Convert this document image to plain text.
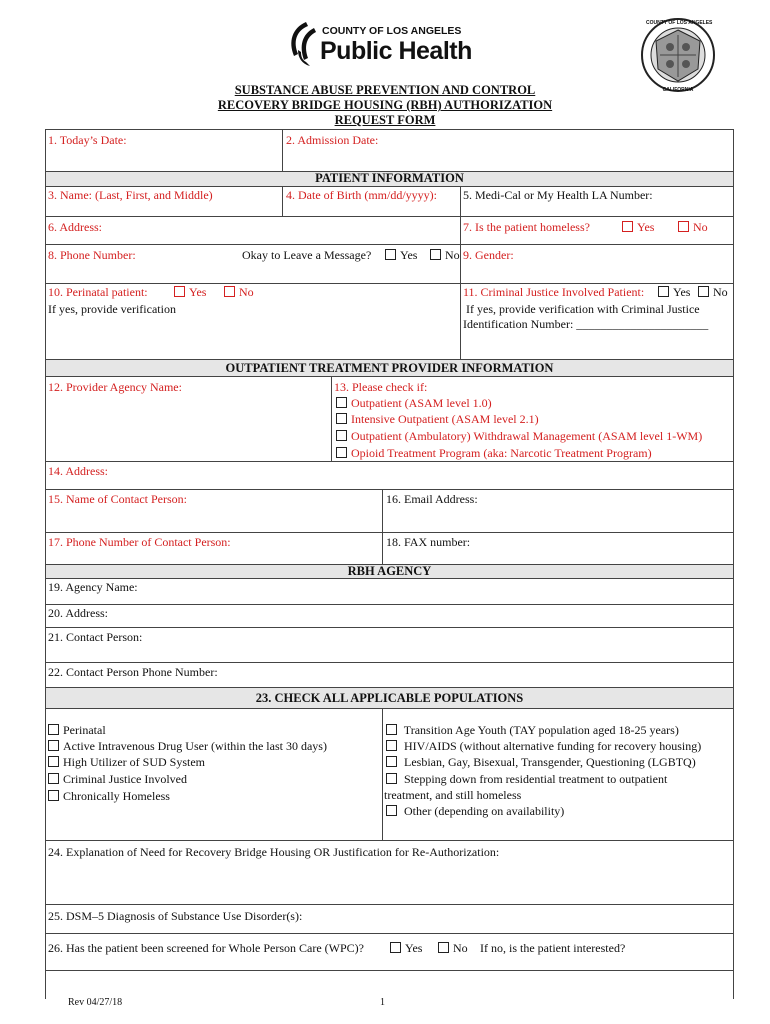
COUNTY OF LOS ANGELES
Public Health
COUNTY OF LOS ANGELES
CALIFORNIA
SUBSTANCE ABUSE PREVENTION AND CONTROL
RECOVERY BRIDGE HOUSING (RBH) AUTHORIZATION
REQUEST FORM
1. Today’s Date:	2. Admission Date:
PATIENT INFORMATION
3. Name: (Last, First, and Middle)	4. Date of Birth (mm/dd/yyyy): 5. Medi-Cal or My Health LA Number:
6. Address:	7. Is the patient homeless?	Yes	No
8. Phone Number:	Okay to Leave a Message?	Yes	No 9. Gender:
10. Perinatal patient:	Yes	No
If yes, provide verification
11. Criminal Justice Involved Patient:	Yes	No
If yes, provide verification with Criminal Justice
Identification Number: ______________________
OUTPATIENT TREATMENT PROVIDER INFORMATION
12. Provider Agency Name:	13. Please check if:
Outpatient (ASAM level 1.0)
Intensive Outpatient (ASAM level 2.1)
Outpatient (Ambulatory) Withdrawal Management (ASAM level 1-WM)
Opioid Treatment Program (aka: Narcotic Treatment Program)
14. Address:
15. Name of Contact Person:	16. Email Address:
17. Phone Number of Contact Person:	18. FAX number:
RBH AGENCY
19. Agency Name:
20. Address:
21. Contact Person:
22. Contact Person Phone Number:
23. CHECK ALL APPLICABLE POPULATIONS
Perinatal
Active Intravenous Drug User (within the last 30 days)
High Utilizer of SUD System
Criminal Justice Involved
Chronically Homeless
Transition Age Youth (TAY population aged 18-25 years)
HIV/AIDS (without alternative funding for recovery housing)
Lesbian, Gay, Bisexual, Transgender, Questioning (LGBTQ)
Stepping down from residential treatment to outpatient
treatment, and still homeless
Other (depending on availability)
24. Explanation of Need for Recovery Bridge Housing OR Justification for Re-Authorization:
25. DSM–5 Diagnosis of Substance Use Disorder(s):
26. Has the patient been screened for Whole Person Care (WPC)?	Yes	No If no, is the patient interested?
Rev 04/27/18	1
